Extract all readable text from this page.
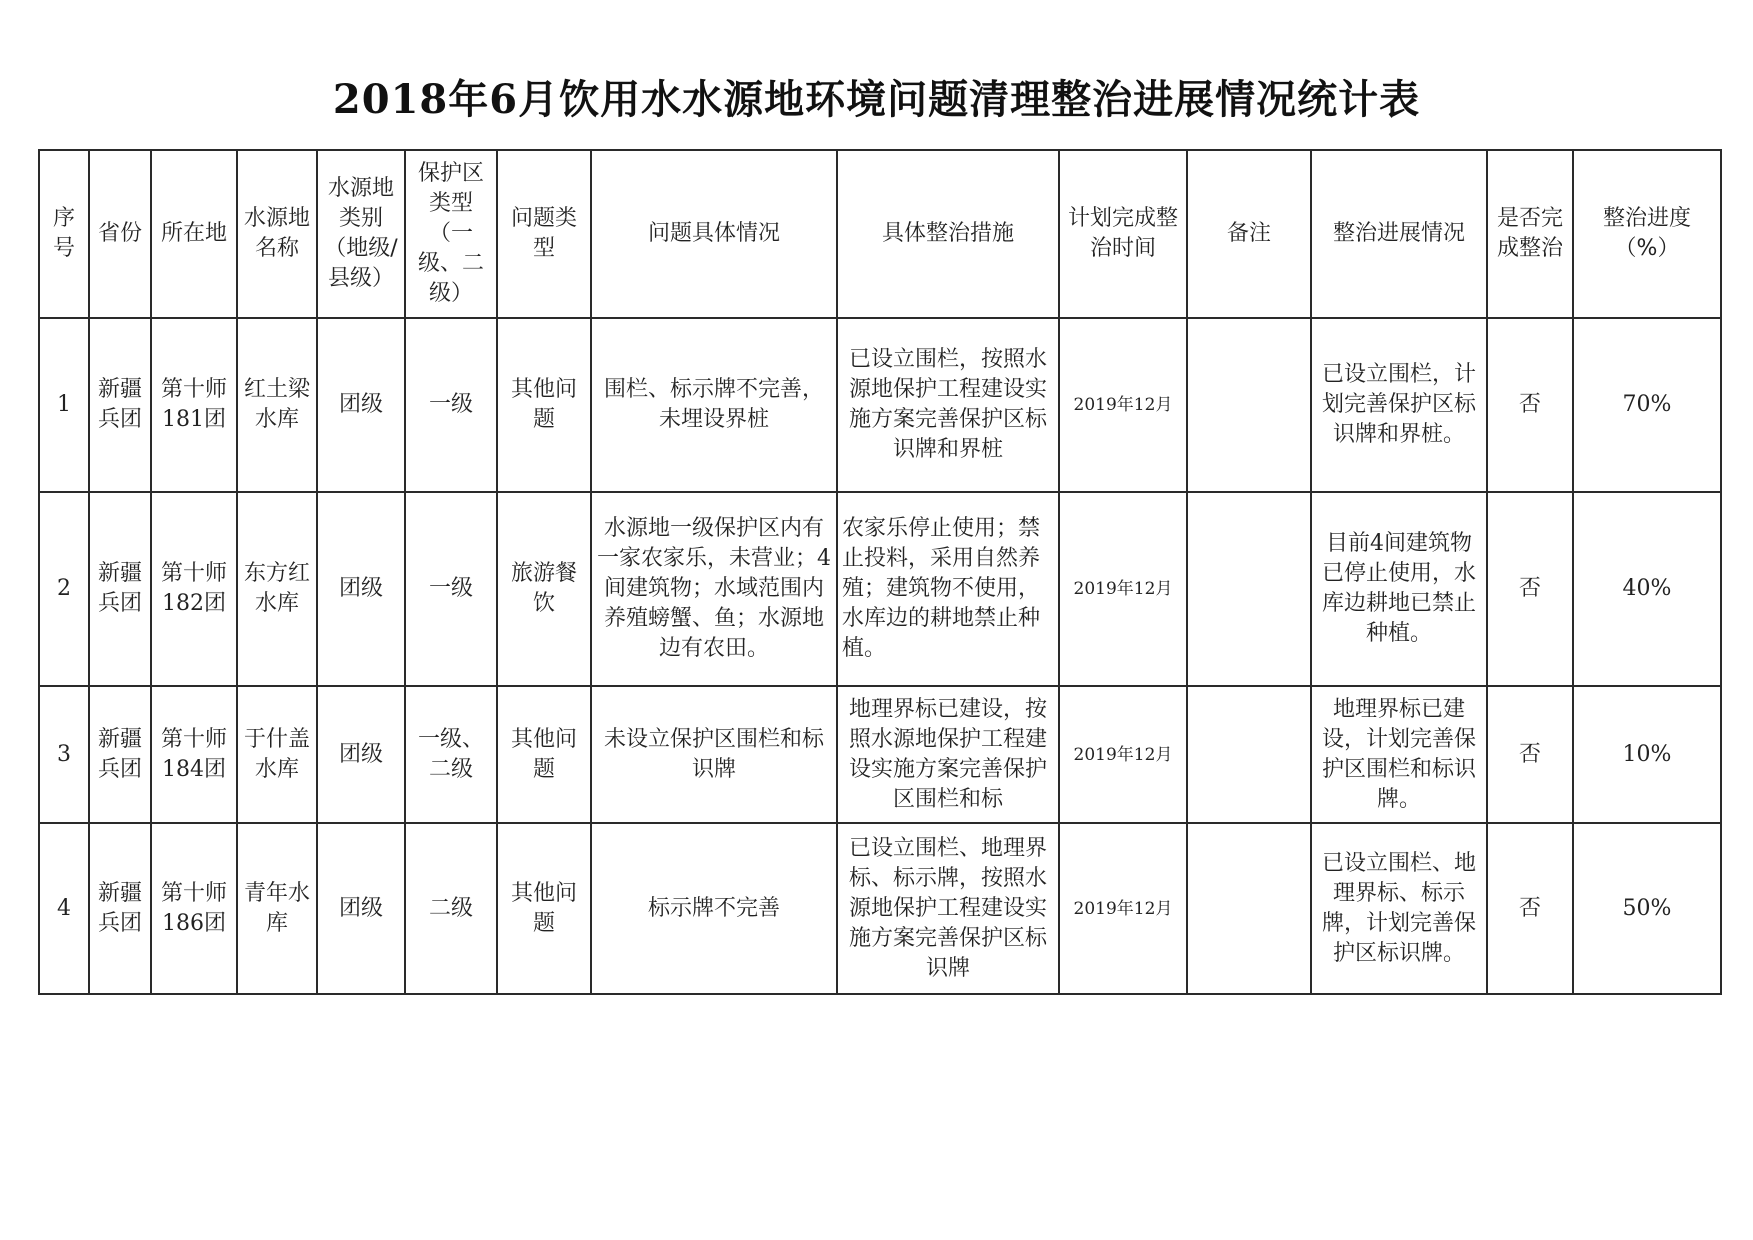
2018年6月饮用水水源地环境问题清理整治进展情况统计表
序号	省份	所在地	水源地名称	水源地类别（地级/县级）	保护区类型（一级、二级）	问题类型	问题具体情况	具体整治措施	计划完成整治时间	备注	整治进展情况	是否完成整治	整治进度（%）
1	新疆兵团	第十师181团	红土梁水库	团级	一级	其他问题	围栏、标示牌不完善，未埋设界桩	已设立围栏，按照水源地保护工程建设实施方案完善保护区标识牌和界桩	2019年12月		已设立围栏，计划完善保护区标识牌和界桩。	否	70%
2	新疆兵团	第十师182团	东方红水库	团级	一级	旅游餐饮	水源地一级保护区内有一家农家乐，未营业；4间建筑物；水域范围内养殖螃蟹、鱼；水源地边有农田。	农家乐停止使用；禁止投料，采用自然养殖；建筑物不使用，水库边的耕地禁止种植。	2019年12月		目前4间建筑物已停止使用，水库边耕地已禁止种植。	否	40%
3	新疆兵团	第十师184团	于什盖水库	团级	一级、二级	其他问题	未设立保护区围栏和标识牌	地理界标已建设，按照水源地保护工程建设实施方案完善保护区围栏和标	2019年12月		地理界标已建设，计划完善保护区围栏和标识牌。	否	10%
4	新疆兵团	第十师186团	青年水库	团级	二级	其他问题	标示牌不完善	已设立围栏、地理界标、标示牌，按照水源地保护工程建设实施方案完善保护区标识牌	2019年12月		已设立围栏、地理界标、标示牌，计划完善保护区标识牌。	否	50%
